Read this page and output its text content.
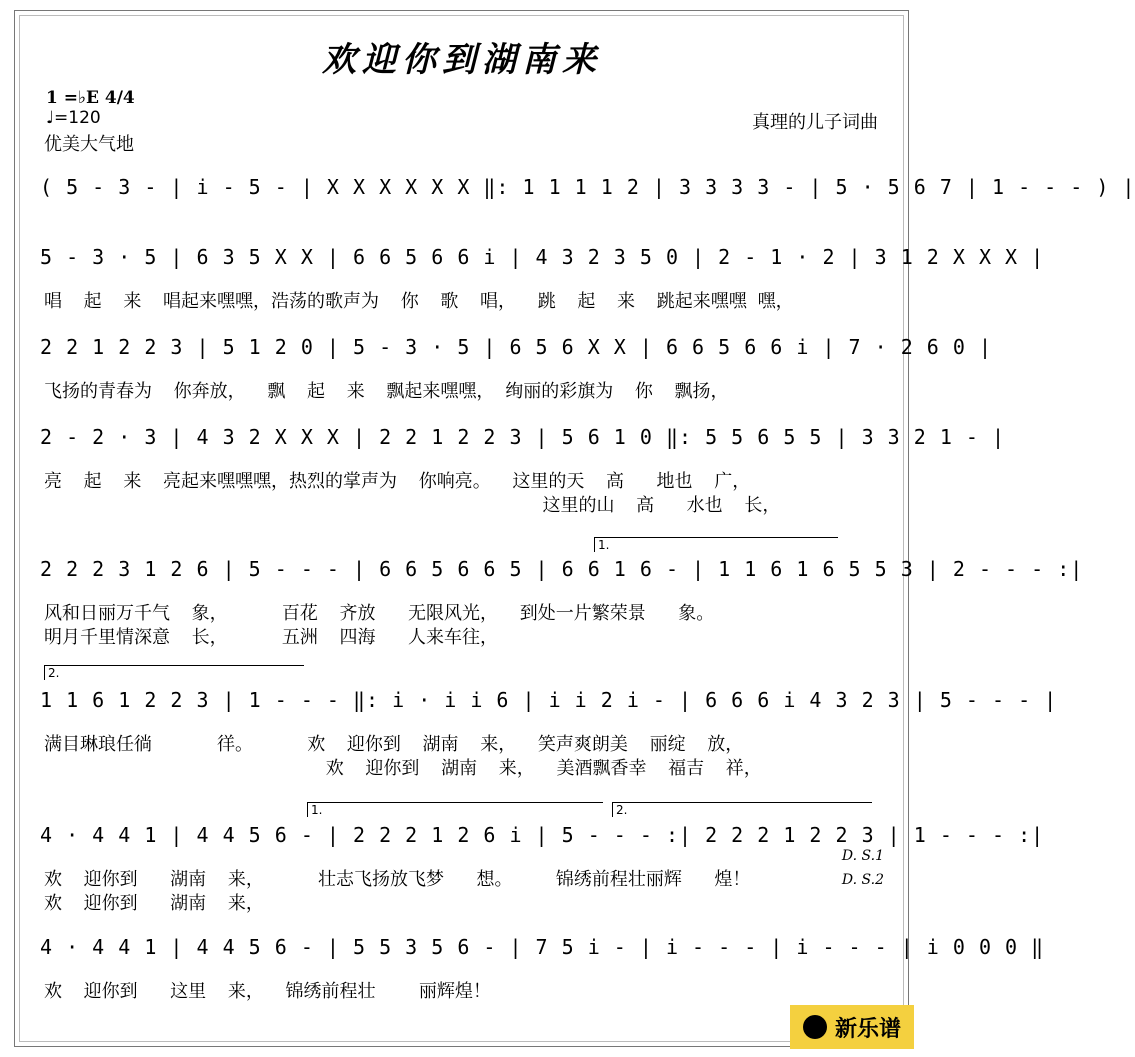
欢迎你到湖南来
1 =♭E 4/4
♩=120
优美大气地
真理的儿子词曲
( 5 - 3 - | i - 5 - | X X X X X X ‖: 1 1 1 1 2 | 3 3 3 3 - | 5 · 5 6 7 | 1 - - - ) |
5 - 3 · 5 | 6 3 5 X X | 6 6 5 6 6 i | 4 3 2 3 5 0 | 2 - 1 · 2 | 3 1 2 X X X |
唱  起  来  唱起来嘿嘿，浩荡的歌声为  你  歌  唱，  跳  起  来  跳起来嘿嘿 嘿，
2 2 1 2 2 3 | 5 1 2 0 | 5 - 3 · 5 | 6 5 6 X X | 6 6 5 6 6 i | 7 · 2 6 0 |
飞扬的青春为  你奔放，  飘  起  来  飘起来嘿嘿， 绚丽的彩旗为  你  飘扬，
2 - 2 · 3 | 4 3 2 X X X | 2 2 1 2 2 3 | 5 6 1 0 ‖: 5 5 6 5 5 | 3 3 2 1 - |
亮  起  来  亮起来嘿嘿嘿，热烈的掌声为  你响亮。  这里的天  高   地也  广，
这里的山  高   水也  长，
2 2 2 3 1 2 6 | 5 - - - | 6 6 5 6 6 5 | 6 6 1 6 - | 1 1 6 1 6 5 5 3 | 2 - - - :|
风和日丽万千气  象，     百花  齐放   无限风光，  到处一片繁荣景   象。
明月千里情深意  长，     五洲  四海   人来车往，
1 1 6 1 2 2 3 | 1 - - - ‖: i · i i 6 | i i 2 i - | 6 6 6 i 4 3 2 3 | 5 - - - |
满目琳琅任徜      徉。     欢  迎你到  湖南  来，  笑声爽朗美  丽绽  放，
欢  迎你到  湖南  来，  美酒飘香幸  福吉  祥，
4 · 4 4 1 | 4 4 5 6 - | 2 2 2 1 2 6 i | 5 - - - :| 2 2 2 1 2 2 3 | 1 - - - :|
欢  迎你到   湖南  来，     壮志飞扬放飞梦   想。    锦绣前程壮丽辉   煌！
欢  迎你到   湖南  来，
4 · 4 4 1 | 4 4 5 6 - | 5 5 3 5 6 - | 7 5 i - | i - - - | i - - - | i 0 0 0 ‖
欢  迎你到   这里  来，  锦绣前程壮    丽辉煌！
D. S.1
D. S.2
1.
2.
1.	2.
新乐谱
